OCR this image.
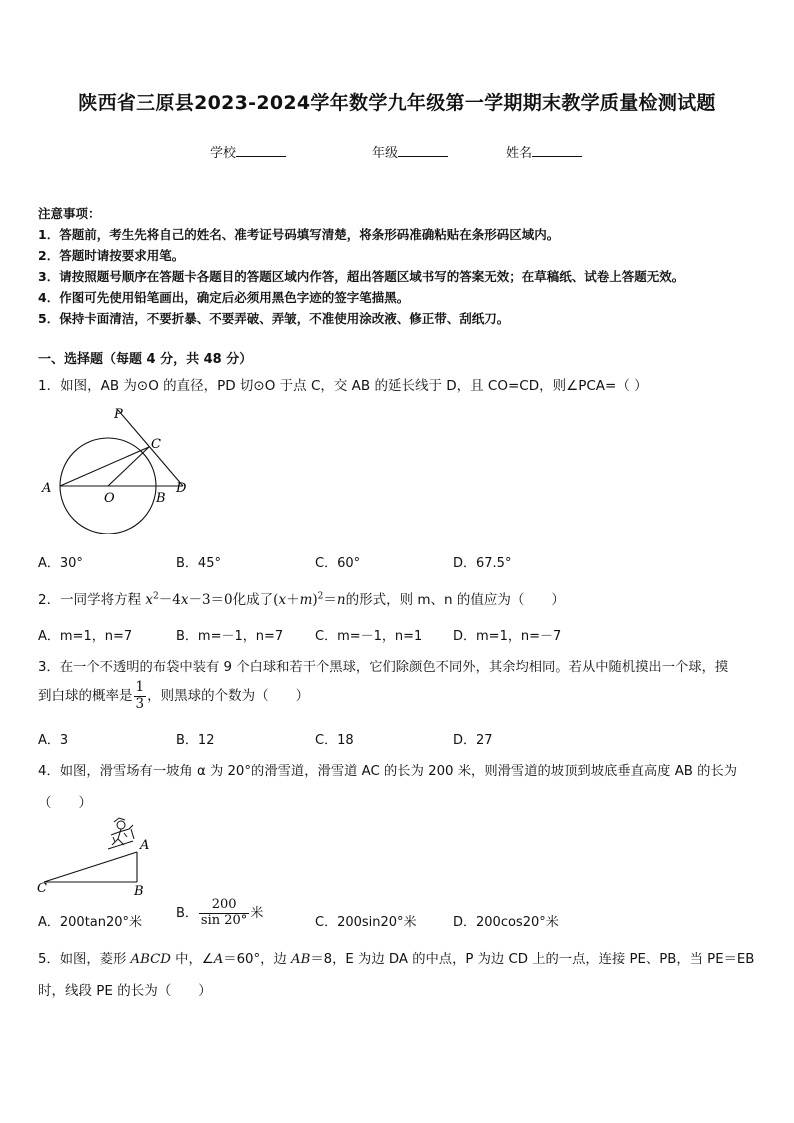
陕西省三原县2023-2024学年数学九年级第一学期期末教学质量检测试题
学校	年级	姓名
注意事项：
1．答题前，考生先将自己的姓名、准考证号码填写清楚，将条形码准确粘贴在条形码区域内。
2．答题时请按要求用笔。
3．请按照题号顺序在答题卡各题目的答题区域内作答，超出答题区域书写的答案无效；在草稿纸、试卷上答题无效。
4．作图可先使用铅笔画出，确定后必须用黑色字迹的签字笔描黑。
5．保持卡面清洁，不要折暴、不要弄破、弄皱，不准使用涂改液、修正带、刮纸刀。
一、选择题（每题 4 分，共 48 分）
1．如图，AB 为⊙O 的直径，PD 切⊙O 于点 C，交 AB 的延长线于 D，且 CO=CD，则∠PCA=（ ）
P
C
A
O	B
D
A．30°	B．45°	C．60°	D．67.5°
2．一同学将方程 $x^2-4x-3=0$化成了$(x+m)^2=n$的形式，则 m、n 的值应为（　　）
A．m=1，n=7	B．m=－1，n=7 C．m=－1，n=1 D．m=1，n=－7
3．在一个不透明的布袋中装有 9 个白球和若干个黑球，它们除颜色不同外，其余均相同。若从中随机摸出一个球，摸
到白球的概率是 $\frac{1}{3}$ ，则黑球的个数为（　　）
A．3	B．12	C．18	D．27
4．如图，滑雪场有一坡角 α 为 20°的滑雪道，滑雪道 AC 的长为 200 米，则滑雪道的坡顶到坡底垂直高度 AB 的长为
（　　）
A
B
C
A．200tan20°米
B． $\frac{200}{\sin 20^\circ}$ 米
C．200sin20°米	D．200cos20°米
5．如图，菱形 ABCD 中，∠A＝60°，边 AB＝8，E 为边 DA 的中点，P 为边 CD 上的一点，连接 PE、PB，当 PE＝EB
时，线段 PE 的长为（　　）
